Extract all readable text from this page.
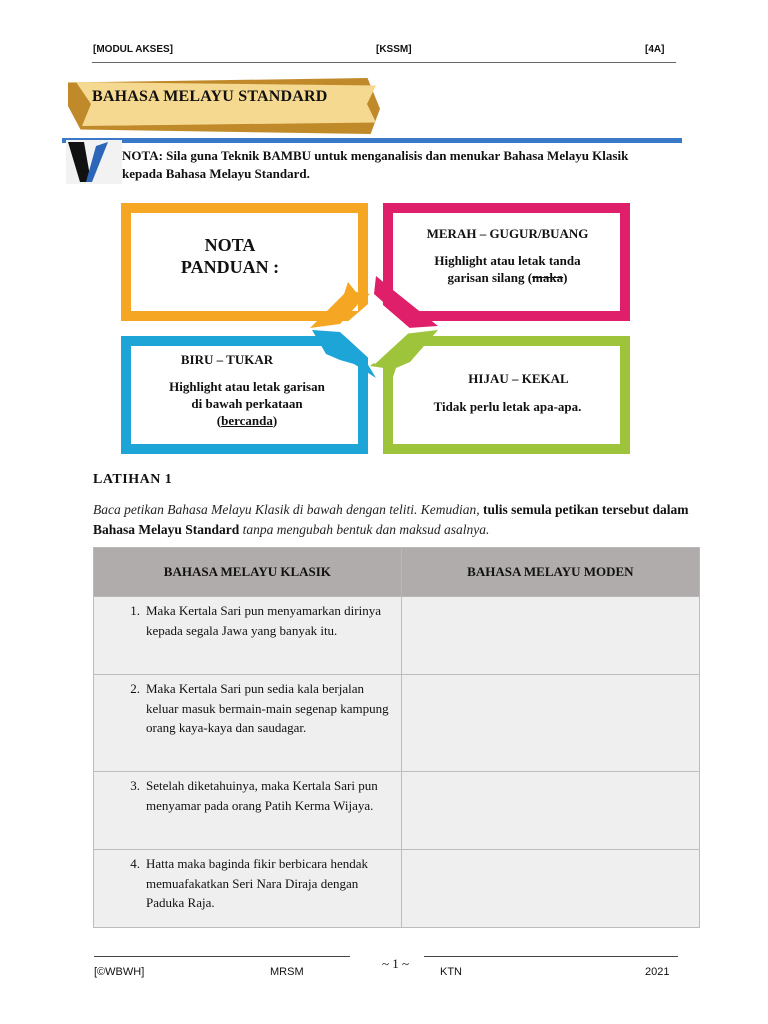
[MODUL AKSES]	[KSSM]	[4A]
BAHASA MELAYU STANDARD
NOTA: Sila guna Teknik BAMBU untuk menganalisis dan menukar Bahasa Melayu Klasik kepada Bahasa Melayu Standard.
NOTA
PANDUAN :
MERAH – GUGUR/BUANG
Highlight atau letak tanda
garisan silang (maka)
BIRU – TUKAR
Highlight atau letak garisan
di bawah perkataan
(bercanda)
HIJAU – KEKAL
Tidak perlu letak apa-apa.
LATIHAN 1
Baca petikan Bahasa Melayu Klasik di bawah dengan teliti. Kemudian, tulis semula petikan tersebut dalam Bahasa Melayu Standard tanpa mengubah bentuk dan maksud asalnya.
BAHASA MELAYU KLASIK	BAHASA MELAYU MODEN

1. Maka Kertala Sari pun menyamarkan dirinya kepada segala Jawa yang banyak itu.	

2. Maka Kertala Sari pun sedia kala berjalan keluar masuk bermain-main segenap kampung orang kaya-kaya dan saudagar.	

3. Setelah diketahuinya, maka Kertala Sari pun menyamar pada orang Patih Kerma Wijaya.	

4. Hatta maka baginda fikir berbicara hendak memuafakatkan Seri Nara Diraja dengan Paduka Raja.	

~ 1 ~
[©WBWH]	MRSM	KTN	2021
